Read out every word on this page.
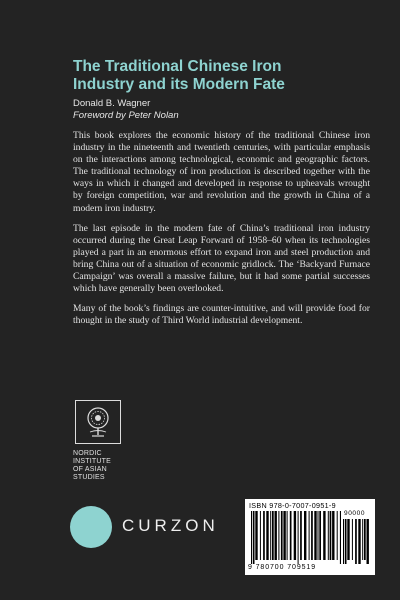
The Traditional Chinese Iron
Industry and its Modern Fate
Donald B. Wagner
Foreword by Peter Nolan

This book explores the economic history of the traditional Chinese iron industry in the nineteenth and twentieth centuries, with particular emphasis on the interactions among technological, economic and geographic factors. The traditional technology of iron production is described together with the ways in which it changed and developed in response to upheavals wrought by foreign competition, war and revolution and the growth in China of a modern iron industry.

The last episode in the modern fate of China’s traditional iron industry occurred during the Great Leap Forward of 1958–60 when its technologies played a part in an enormous effort to expand iron and steel production and bring China out of a situation of economic gridlock. The ‘Backyard Furnace Campaign’ was overall a massive failure, but it had some partial successes which have generally been overlooked.

Many of the book’s findings are counter-intuitive, and will provide food for thought in the study of Third World industrial development.

NORDIC
INSTITUTE
OF ASIAN
STUDIES
CURZON
ISBN 978-0-7007-0951-9
90000
9 780700 709519
